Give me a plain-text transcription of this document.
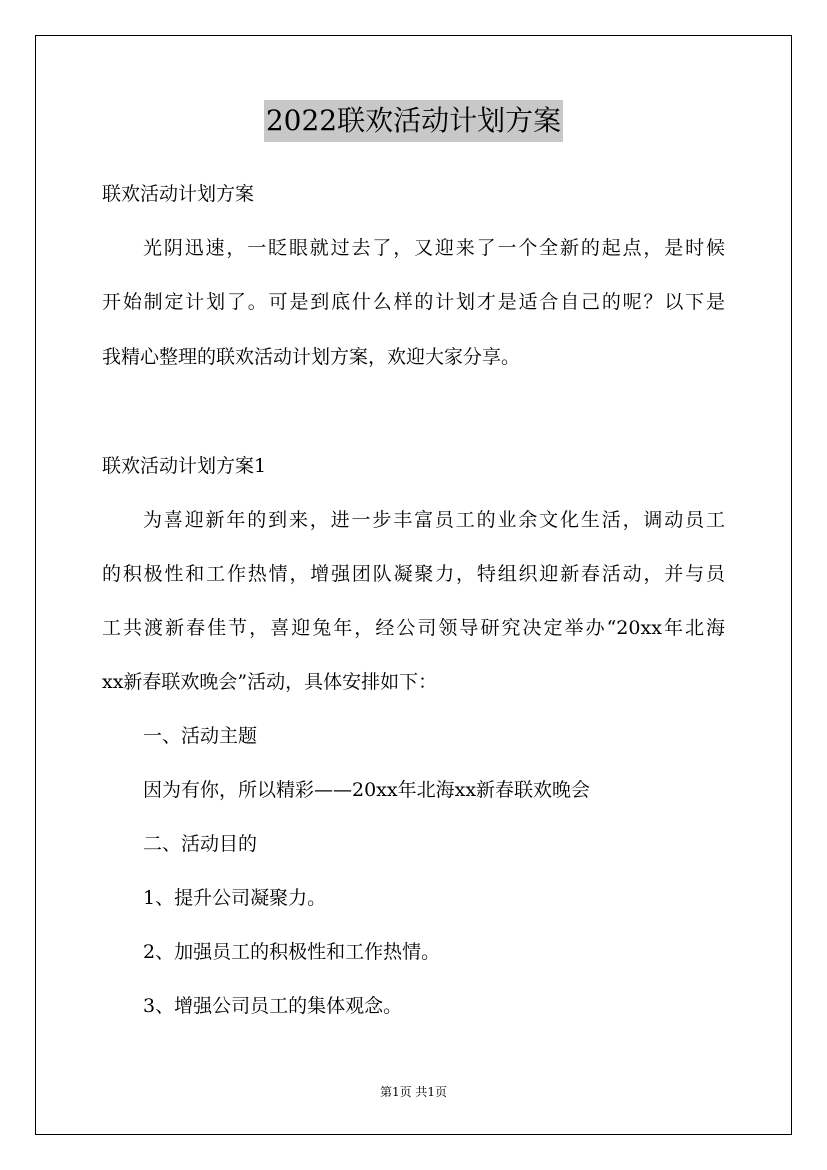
2022联欢活动计划方案
联欢活动计划方案
光阴迅速，一眨眼就过去了，又迎来了一个全新的起点，是时候
开始制定计划了。可是到底什么样的计划才是适合自己的呢？以下是
我精心整理的联欢活动计划方案，欢迎大家分享。
联欢活动计划方案1
为喜迎新年的到来，进一步丰富员工的业余文化生活，调动员工
的积极性和工作热情，增强团队凝聚力，特组织迎新春活动，并与员
工共渡新春佳节，喜迎兔年，经公司领导研究决定举办“20xx年北海
xx新春联欢晚会”活动，具体安排如下：
一、活动主题
因为有你，所以精彩——20xx年北海xx新春联欢晚会
二、活动目的
1、提升公司凝聚力。
2、加强员工的积极性和工作热情。
3、增强公司员工的集体观念。
第1页 共1页
